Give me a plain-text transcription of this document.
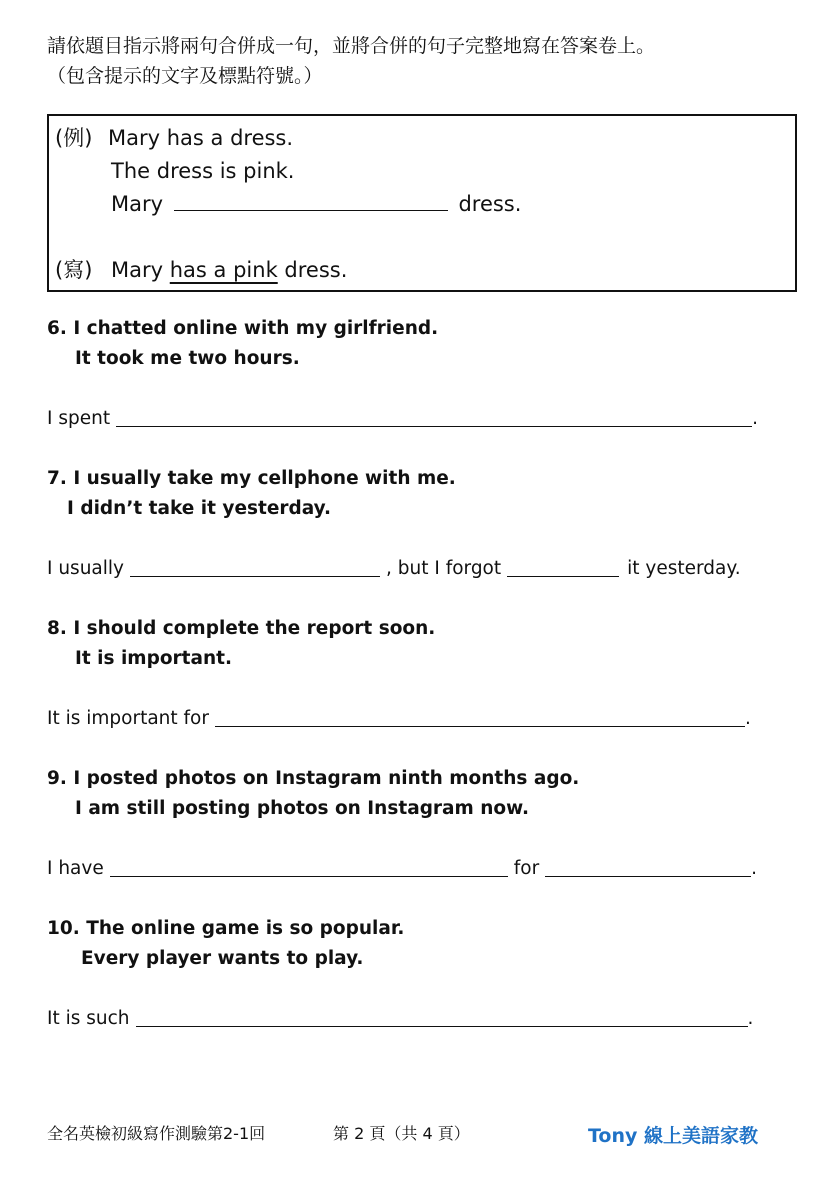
請依題目指示將兩句合併成一句，並將合併的句子完整地寫在答案卷上。
（包含提示的文字及標點符號。）
(例) Mary has a dress.
The dress is pink.
Mary	dress.
(寫) Mary has a pink dress.
6. I chatted online with my girlfriend.
It took me two hours.
I spent	.
7. I usually take my cellphone with me.
I didn’t take it yesterday.
I usually	, but I forgot	it yesterday.
8. I should complete the report soon.
It is important.
It is important for	.
9. I posted photos on Instagram ninth months ago.
I am still posting photos on Instagram now.
I have	for	.
10. The online game is so popular.
Every player wants to play.
It is such	.
全名英檢初級寫作測驗第2-1回	第 2 頁（共 4 頁）	Tony 線上美語家教
